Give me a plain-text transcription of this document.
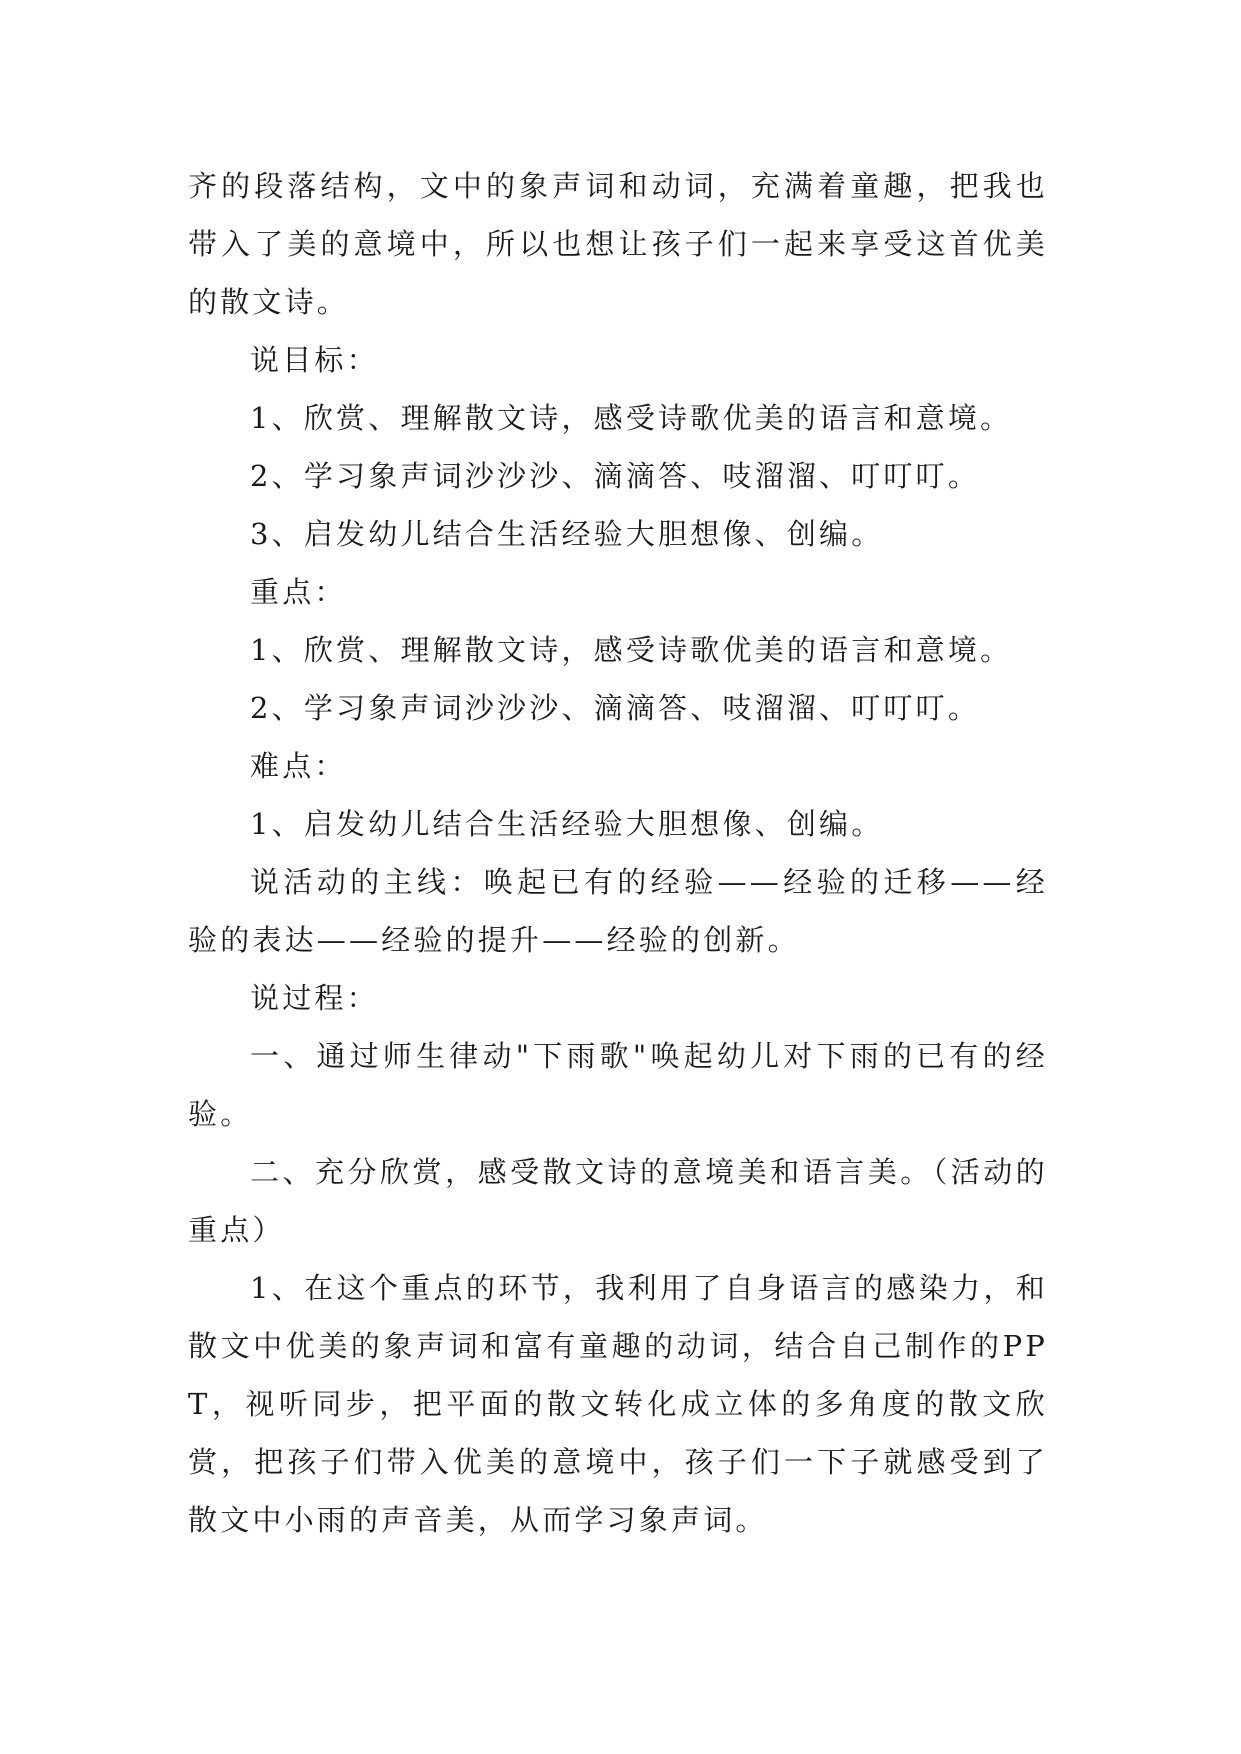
齐的段落结构，文中的象声词和动词，充满着童趣，把我也带入了美的意境中，所以也想让孩子们一起来享受这首优美的散文诗。

说目标：

1、欣赏、理解散文诗，感受诗歌优美的语言和意境。

2、学习象声词沙沙沙、滴滴答、吱溜溜、叮叮叮。

3、启发幼儿结合生活经验大胆想像、创编。

重点：

1、欣赏、理解散文诗，感受诗歌优美的语言和意境。

2、学习象声词沙沙沙、滴滴答、吱溜溜、叮叮叮。

难点：

1、启发幼儿结合生活经验大胆想像、创编。

说活动的主线：唤起已有的经验——经验的迁移——经验的表达——经验的提升——经验的创新。

说过程：

一、通过师生律动"下雨歌"唤起幼儿对下雨的已有的经验。

二、充分欣赏，感受散文诗的意境美和语言美。（活动的重点）

1、在这个重点的环节，我利用了自身语言的感染力，和散文中优美的象声词和富有童趣的动词，结合自己制作的PPT，视听同步，把平面的散文转化成立体的多角度的散文欣赏，把孩子们带入优美的意境中，孩子们一下子就感受到了散文中小雨的声音美，从而学习象声词。
